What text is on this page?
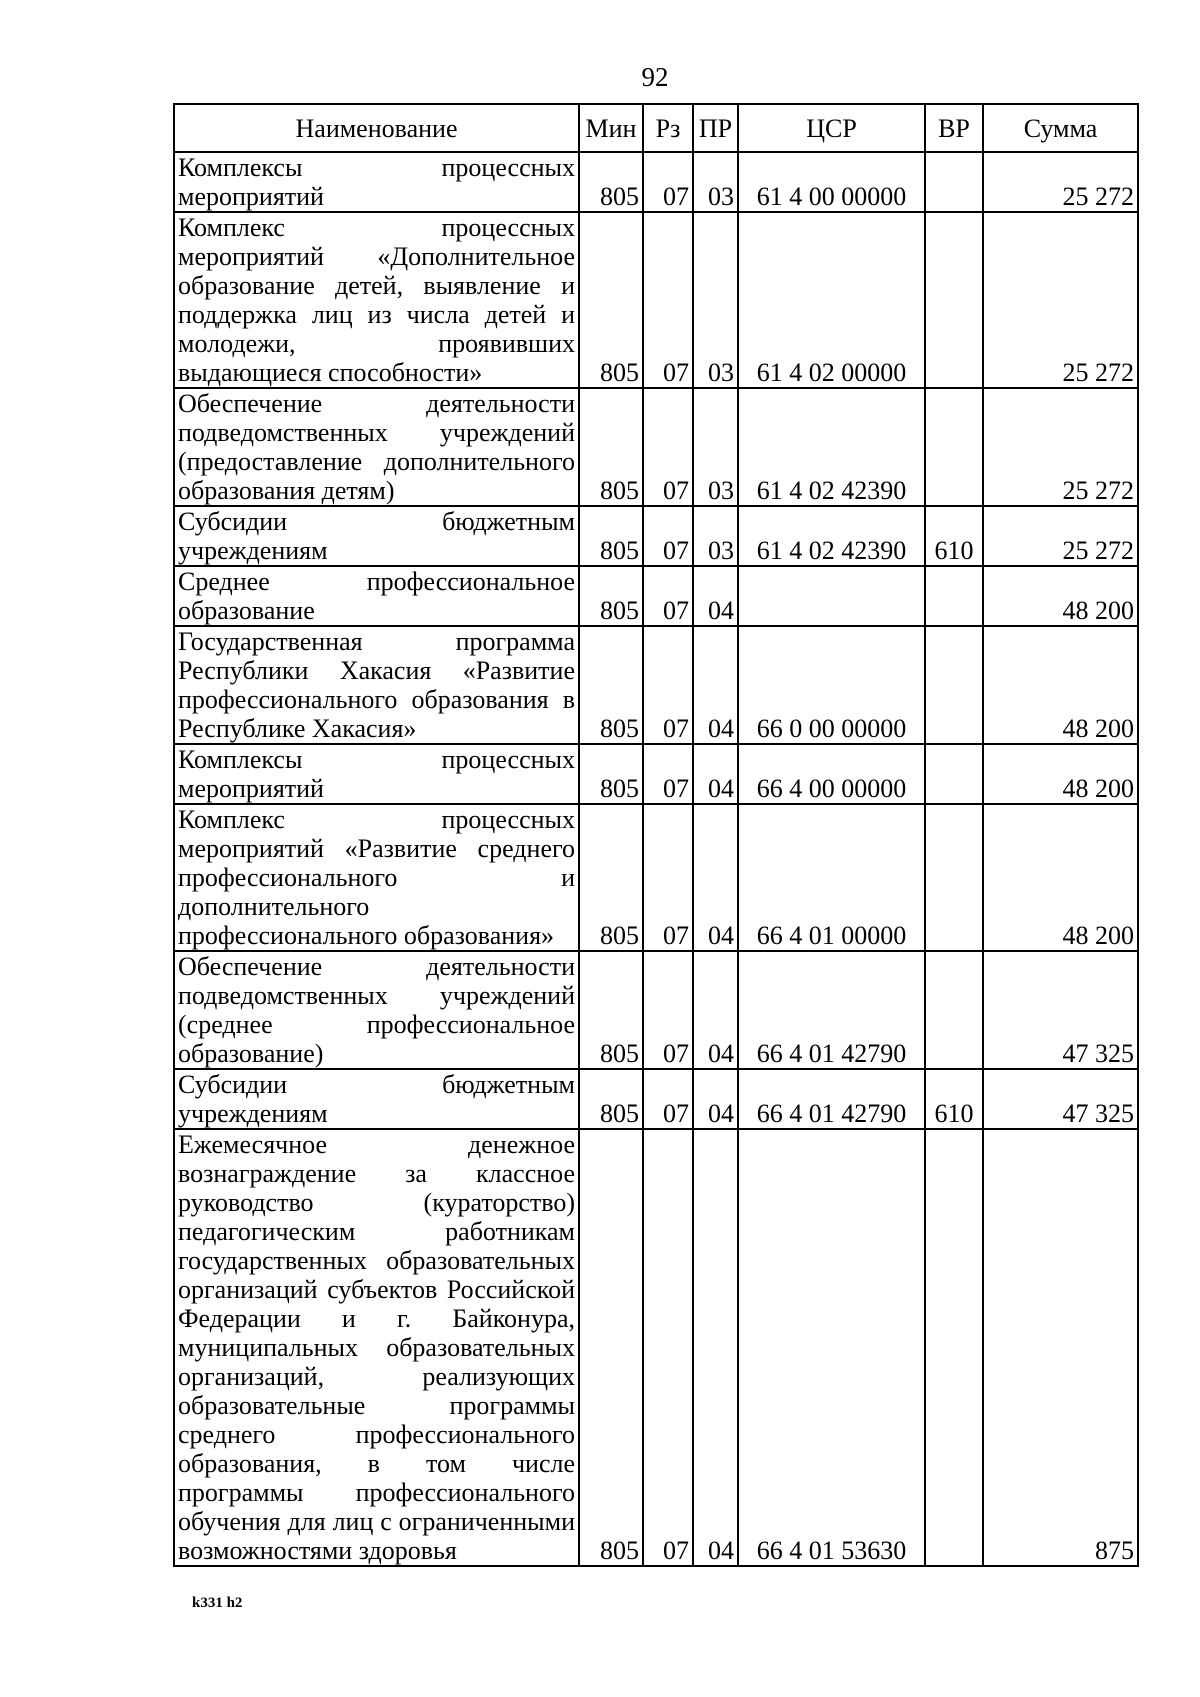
92
Наименование	Мин	Рз	ПР	ЦСР	ВР	Сумма
Комплексы процессных мероприятий	805	07	03	61 4 00 00000		25 272
Комплекс процессных мероприятий «Дополнительное образование детей, выявление и поддержка лиц из числа детей и молодежи, проявивших выдающиеся способности»	805	07	03	61 4 02 00000		25 272
Обеспечение деятельности подведомственных учреждений (предоставление дополнительного образования детям)	805	07	03	61 4 02 42390		25 272
Субсидии бюджетным учреждениям	805	07	03	61 4 02 42390	610	25 272
Среднее профессиональное образование	805	07	04			48 200
Государственная программа Республики Хакасия «Развитие профессионального образования в Республике Хакасия»	805	07	04	66 0 00 00000		48 200
Комплексы процессных мероприятий	805	07	04	66 4 00 00000		48 200
Комплекс процессных мероприятий «Развитие среднего профессионального и дополнительного профессионального образования»	805	07	04	66 4 01 00000		48 200
Обеспечение деятельности подведомственных учреждений (среднее профессиональное образование)	805	07	04	66 4 01 42790		47 325
Субсидии бюджетным учреждениям	805	07	04	66 4 01 42790	610	47 325
Ежемесячное денежное вознаграждение за классное руководство (кураторство) педагогическим работникам государственных образовательных организаций субъектов Российской Федерации и г. Байконура, муниципальных образовательных организаций, реализующих образовательные программы среднего профессионального образования, в том числе программы профессионального обучения для лиц с ограниченными возможностями здоровья	805	07	04	66 4 01 53630		875
k331 h2
